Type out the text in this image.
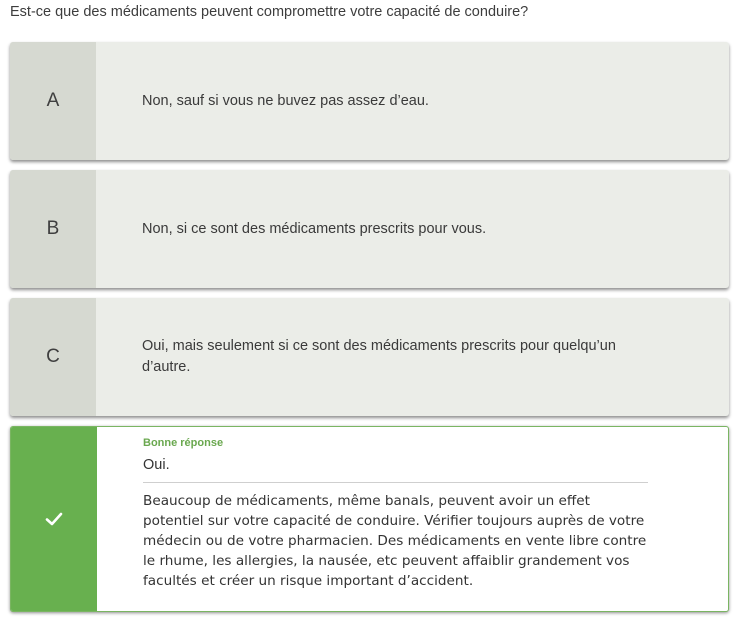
Est-ce que des médicaments peuvent compromettre votre capacité de conduire?
A	Non, sauf si vous ne buvez pas assez d’eau.
B	Non, si ce sont des médicaments prescrits pour vous.
C	Oui, mais seulement si ce sont des médicaments prescrits pour quelqu’un d’autre.
Bonne réponse
Oui.
Beaucoup de médicaments, même banals, peuvent avoir un effet potentiel sur votre capacité de conduire. Vérifier toujours auprès de votre médecin ou de votre pharmacien. Des médicaments en vente libre contre le rhume, les allergies, la nausée, etc peuvent affaiblir grandement vos facultés et créer un risque important d’accident.
